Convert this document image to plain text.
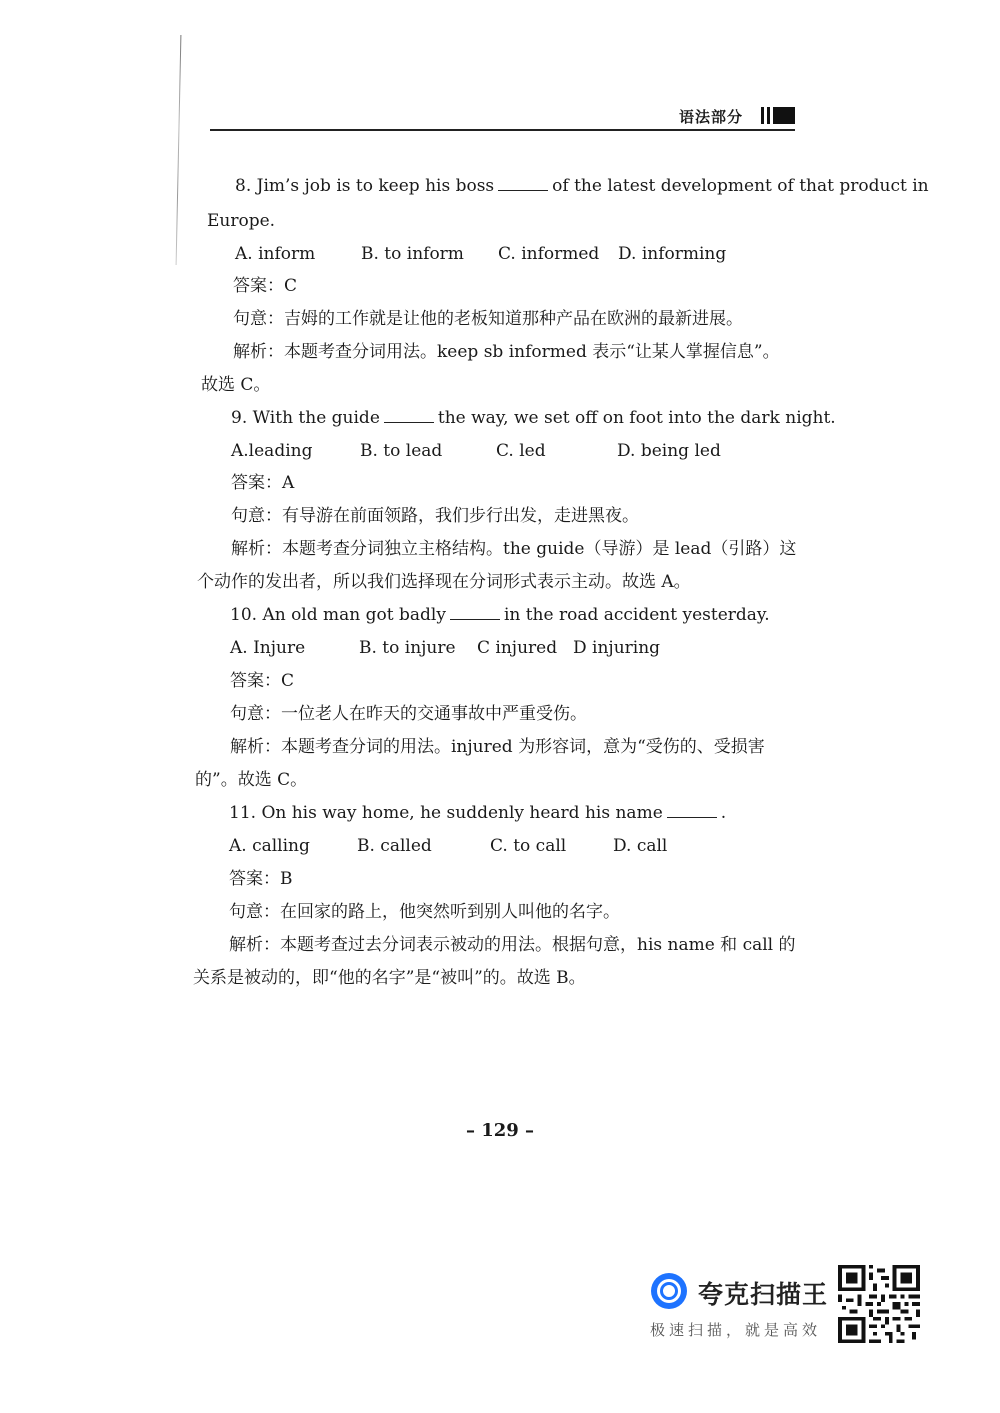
语法部分
8. Jim’s job is to keep his boss	of the latest development of that product in
Europe.
A. inform	B. to inform C. informed D. informing
答案：C
句意：吉姆的工作就是让他的老板知道那种产品在欧洲的最新进展。
解析：本题考查分词用法。keep sb informed 表示“让某人掌握信息”。
故选 C。
9. With the guide	the way, we set off on foot into the dark night.
A.leading	B. to lead	C. led	D. being led
答案：A
句意：有导游在前面领路，我们步行出发，走进黑夜。
解析：本题考查分词独立主格结构。the guide（导游）是 lead（引路）这
个动作的发出者，所以我们选择现在分词形式表示主动。故选 A。
10. An old man got badly	in the road accident yesterday.
A. Injure	B. to injure C injured D injuring
答案：C
句意：一位老人在昨天的交通事故中严重受伤。
解析：本题考查分词的用法。injured 为形容词，意为“受伤的、受损害
的”。故选 C。
11. On his way home, he suddenly heard his name	.
A. calling	B. called	C. to call	D. call
答案：B
句意：在回家的路上，他突然听到别人叫他的名字。
解析：本题考查过去分词表示被动的用法。根据句意，his name 和 call 的
关系是被动的，即“他的名字”是“被叫”的。故选 B。
– 129 –
夸克扫描王
极速扫描，就是高效
